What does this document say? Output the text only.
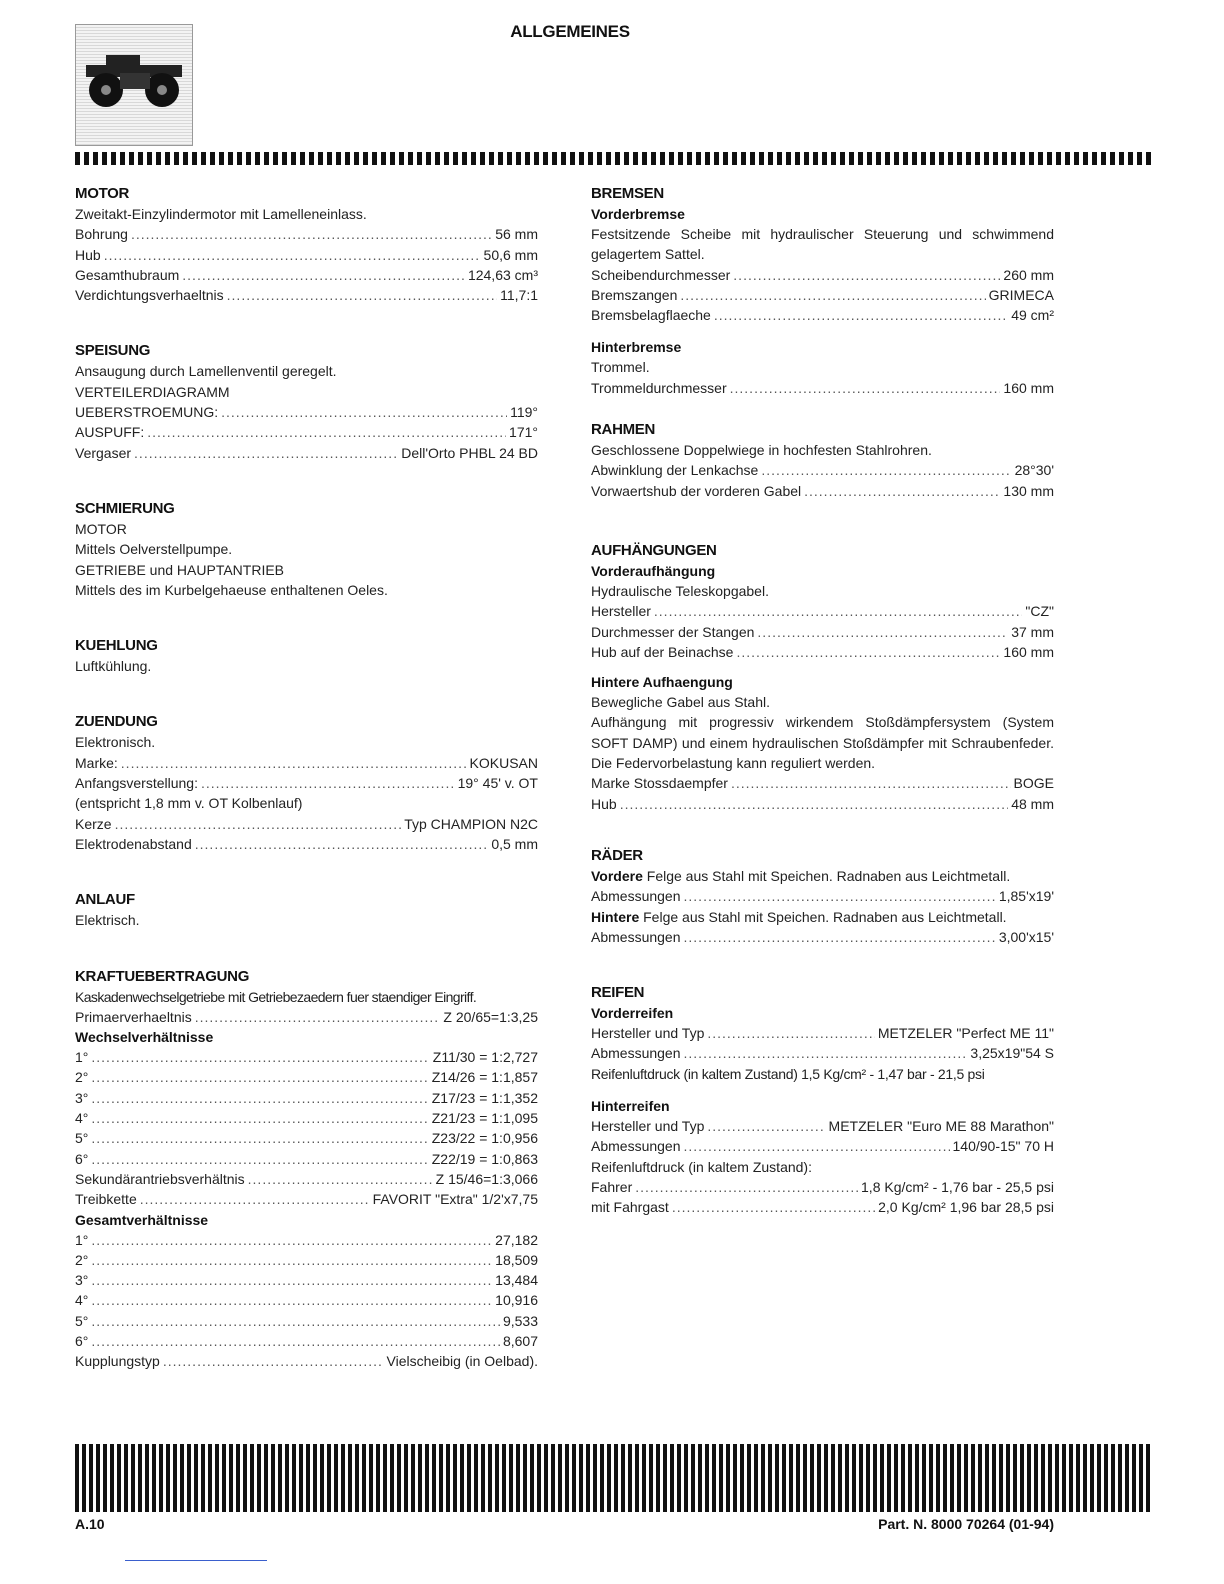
ALLGEMEINES
MOTOR
Zweitakt-Einzylindermotor mit Lamelleneinlass.
Bohrung .....	56 mm
Hub .....	50,6 mm
Gesamthubraum .....	124,63 cm³
Verdichtungsverhaeltnis .....	11,7:1
SPEISUNG
Ansaugung durch Lamellenventil geregelt.
VERTEILERDIAGRAMM
UEBERSTROEMUNG: .....	119°
AUSPUFF: .....	171°
Vergaser .....	Dell'Orto PHBL 24 BD
SCHMIERUNG
MOTOR
Mittels Oelverstellpumpe.
GETRIEBE und HAUPTANTRIEB
Mittels des im Kurbelgehaeuse enthaltenen Oeles.
KUEHLUNG
Luftkühlung.
ZUENDUNG
Elektronisch.
Marke: .....	KOKUSAN
Anfangsverstellung: .....	19° 45' v. OT
(entspricht 1,8 mm v. OT Kolbenlauf)
Kerze .....	Typ CHAMPION N2C
Elektrodenabstand .....	0,5 mm
ANLAUF
Elektrisch.
KRAFTUEBERTRAGUNG
Kaskadenwechselgetriebe mit Getriebezaedern fuer staendiger Eingriff.
Primaerverhaeltnis .....	Z 20/65=1:3,25
Wechselverhältnisse
1° .....	Z11/30 = 1:2,727
2° .....	Z14/26 = 1:1,857
3° .....	Z17/23 = 1:1,352
4° .....	Z21/23 = 1:1,095
5° .....	Z23/22 = 1:0,956
6° .....	Z22/19 = 1:0,863
Sekundärantriebsverhältnis .....	Z 15/46=1:3,066
Treibkette .....	FAVORIT "Extra" 1/2'x7,75
Gesamtverhältnisse
1° .....	27,182
2° .....	18,509
3° .....	13,484
4° .....	10,916
5° .....	9,533
6° .....	8,607
Kupplungstyp .....	Vielscheibig (in Oelbad).
BREMSEN
Vorderbremse
Festsitzende Scheibe mit hydraulischer Steuerung und schwimmend gelagertem Sattel.
Scheibendurchmesser .....	260 mm
Bremszangen .....	GRIMECA
Bremsbelagflaeche .....	49 cm²
Hinterbremse
Trommel.
Trommeldurchmesser .....	160 mm
RAHMEN
Geschlossene Doppelwiege in hochfesten Stahlrohren.
Abwinklung der Lenkachse .....	28°30'
Vorwaertshub der vorderen Gabel .....	130 mm
AUFHÄNGUNGEN
Vorderaufhängung
Hydraulische Teleskopgabel.
Hersteller .....	"CZ"
Durchmesser der Stangen .....	37 mm
Hub auf der Beinachse .....	160 mm
Hintere Aufhaengung
Bewegliche Gabel aus Stahl.
Aufhängung mit progressiv wirkendem Stoßdämpfersystem (System SOFT DAMP) und einem hydraulischen Stoßdämpfer mit Schraubenfeder. Die Federvorbelastung kann reguliert werden.
Marke Stossdaempfer .....	BOGE
Hub .....	48 mm
RÄDER
Vordere Felge aus Stahl mit Speichen. Radnaben aus Leichtmetall.
Abmessungen .....	1,85'x19'
Hintere Felge aus Stahl mit Speichen. Radnaben aus Leichtmetall.
Abmessungen .....	3,00'x15'
REIFEN
Vorderreifen
Hersteller und Typ .....	METZELER "Perfect ME 11"
Abmessungen .....	3,25x19"54 S
Reifenluftdruck (in kaltem Zustand) 1,5 Kg/cm² - 1,47 bar - 21,5 psi
Hinterreifen
Hersteller und Typ .....	METZELER "Euro ME 88 Marathon"
Abmessungen .....	140/90-15" 70 H
Reifenluftdruck (in kaltem Zustand):
Fahrer .....	1,8 Kg/cm² - 1,76 bar - 25,5 psi
mit Fahrgast .....	2,0 Kg/cm² 1,96 bar 28,5 psi
A.10	Part. N. 8000 70264 (01-94)
